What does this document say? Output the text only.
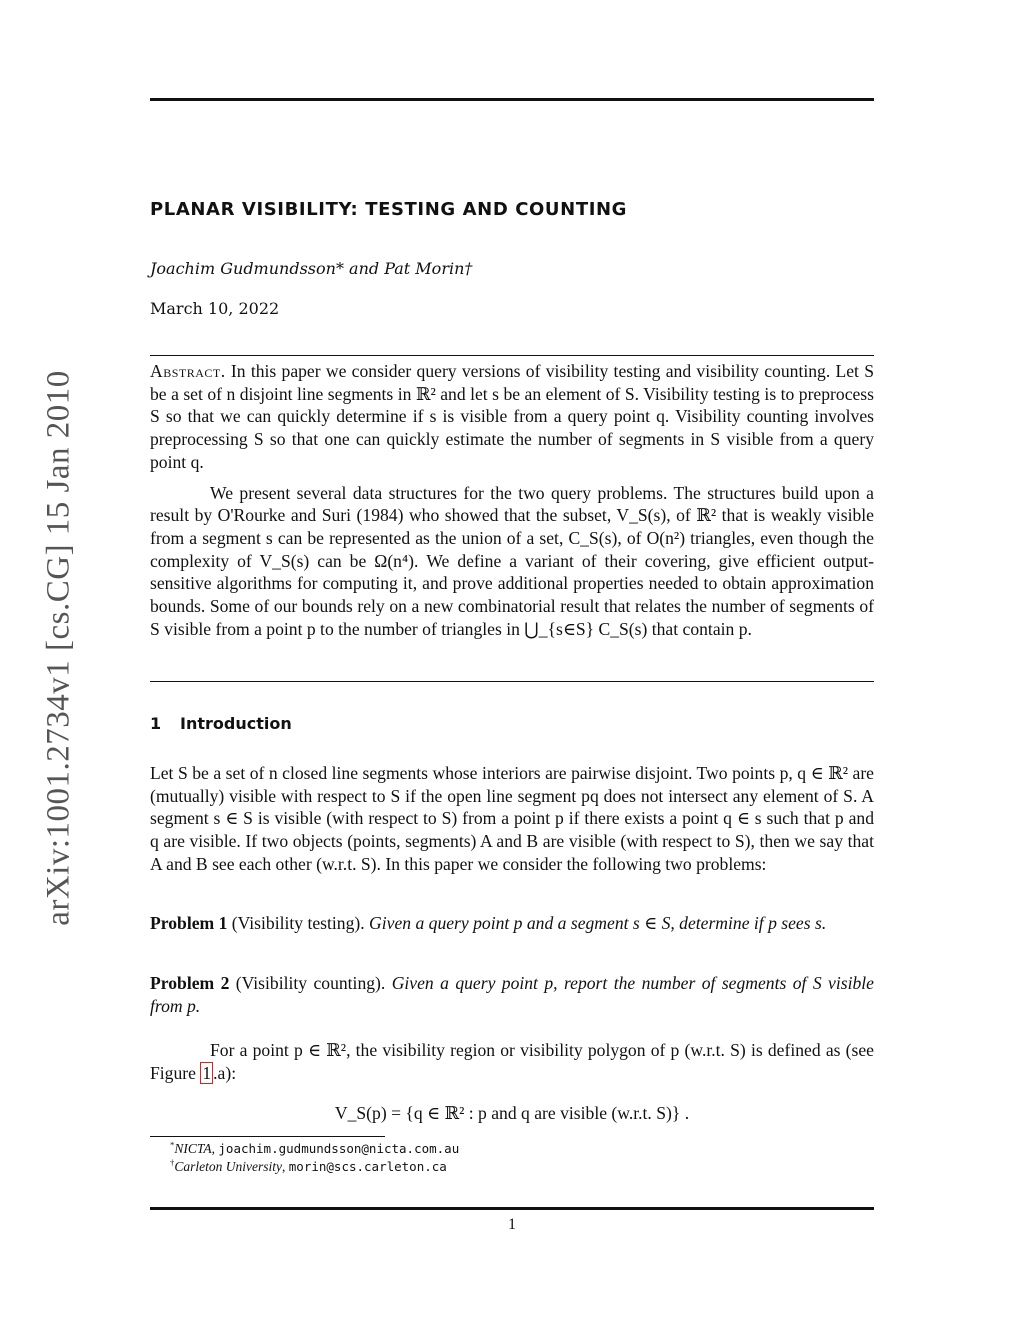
arXiv:1001.2734v1 [cs.CG] 15 Jan 2010
PLANAR VISIBILITY: TESTING AND COUNTING
Joachim Gudmundsson* and Pat Morin†
March 10, 2022
Abstract. In this paper we consider query versions of visibility testing and visibility counting. Let S be a set of n disjoint line segments in ℝ² and let s be an element of S. Visibility testing is to preprocess S so that we can quickly determine if s is visible from a query point q. Visibility counting involves preprocessing S so that one can quickly estimate the number of segments in S visible from a query point q.
We present several data structures for the two query problems. The structures build upon a result by O'Rourke and Suri (1984) who showed that the subset, V_S(s), of ℝ² that is weakly visible from a segment s can be represented as the union of a set, C_S(s), of O(n²) triangles, even though the complexity of V_S(s) can be Ω(n⁴). We define a variant of their covering, give efficient output-sensitive algorithms for computing it, and prove additional properties needed to obtain approximation bounds. Some of our bounds rely on a new combinatorial result that relates the number of segments of S visible from a point p to the number of triangles in ⋃_{s∈S} C_S(s) that contain p.
1 Introduction
Let S be a set of n closed line segments whose interiors are pairwise disjoint. Two points p, q ∈ ℝ² are (mutually) visible with respect to S if the open line segment pq does not intersect any element of S. A segment s ∈ S is visible (with respect to S) from a point p if there exists a point q ∈ s such that p and q are visible. If two objects (points, segments) A and B are visible (with respect to S), then we say that A and B see each other (w.r.t. S). In this paper we consider the following two problems:
Problem 1 (Visibility testing). Given a query point p and a segment s ∈ S, determine if p sees s.
Problem 2 (Visibility counting). Given a query point p, report the number of segments of S visible from p.
For a point p ∈ ℝ², the visibility region or visibility polygon of p (w.r.t. S) is defined as (see Figure 1 .a):
V_S(p) = {q ∈ ℝ² : p and q are visible (w.r.t. S)} .
*NICTA, joachim.gudmundsson@nicta.com.au
†Carleton University, morin@scs.carleton.ca
1
